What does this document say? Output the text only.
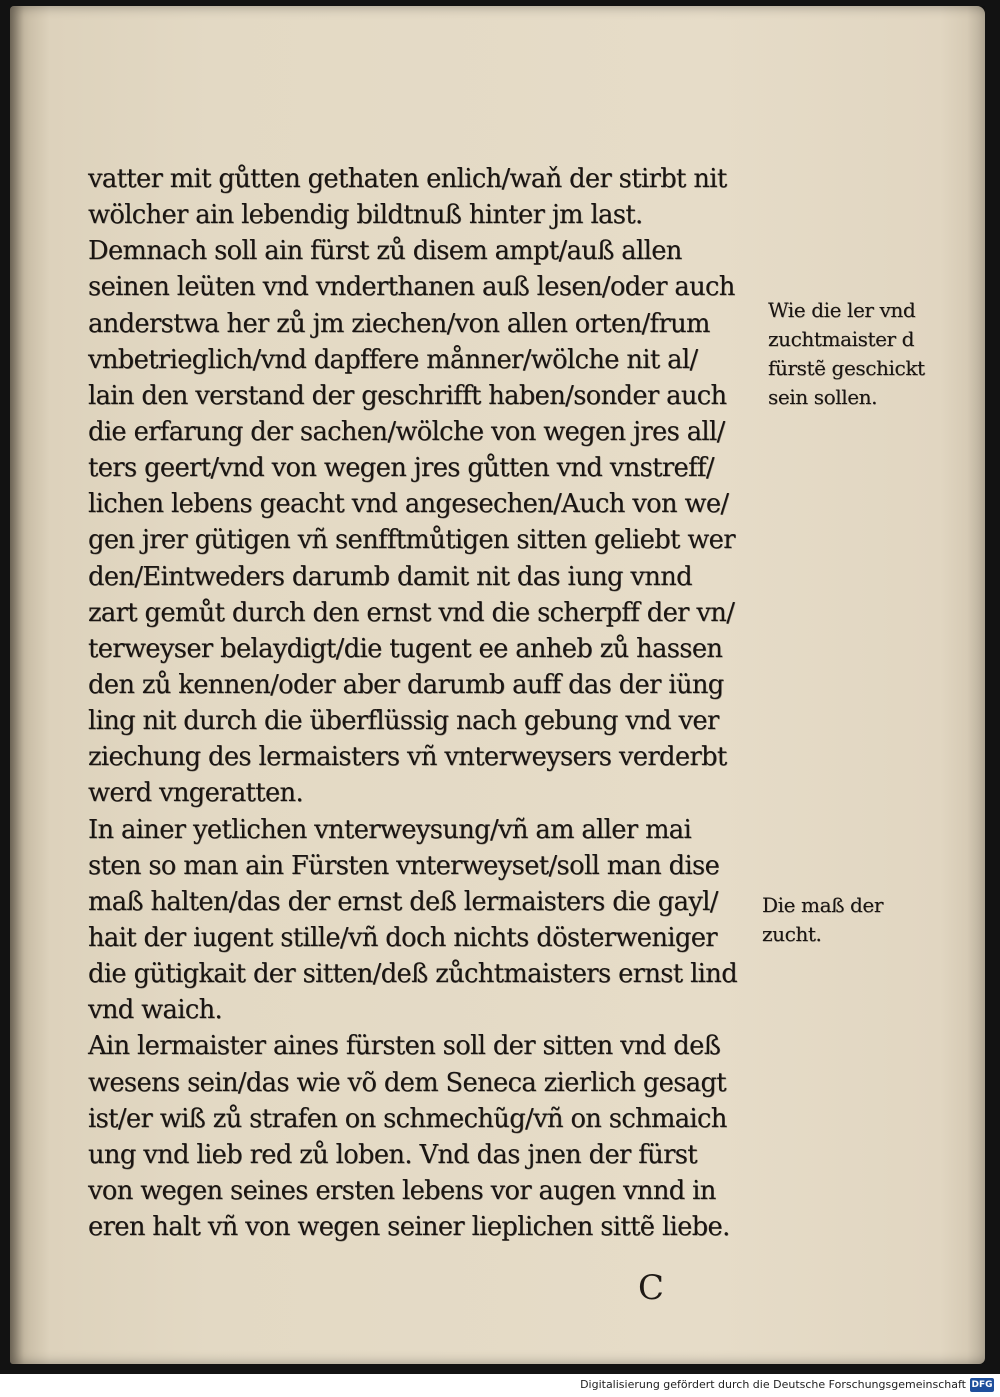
vatter mit gůtten gethaten enlich/waň der stirbt nit
wölcher ain lebendig bildtnuß hinter jm last.
Demnach soll ain fürst zů disem ampt/auß allen
seinen leüten vnd vnderthanen auß lesen/oder auch
anderstwa her zů jm ziechen/von allen orten/frum
vnbetrieglich/vnd dapffere månner/wölche nit al/
lain den verstand der geschrifft haben/sonder auch
die erfarung der sachen/wölche von wegen jres all/
ters geert/vnd von wegen jres gůtten vnd vnstreff/
lichen lebens geacht vnd angesechen/Auch von we/
gen jrer gütigen vñ senfftmůtigen sitten geliebt wer
den/Eintweders darumb damit nit das iung vnnd
zart gemůt durch den ernst vnd die scherpff der vn/
terweyser belaydigt/die tugent ee anheb zů hassen
den zů kennen/oder aber darumb auff das der iüng
ling nit durch die überflüssig nach gebung vnd ver
ziechung des lermaisters vñ vnterweysers verderbt
werd vngeratten.
In ainer yetlichen vnterweysung/vñ am aller mai
sten so man ain Fürsten vnterweyset/soll man dise
maß halten/das der ernst deß lermaisters die gayl/
hait der iugent stille/vñ doch nichts dösterweniger
die gütigkait der sitten/deß zůchtmaisters ernst lind
vnd waich.
Ain lermaister aines fürsten soll der sitten vnd deß
wesens sein/das wie võ dem Seneca zierlich gesagt
ist/er wiß zů strafen on schmechũg/vñ on schmaich
ung vnd lieb red zů loben. Vnd das jnen der fürst
von wegen seines ersten lebens vor augen vnnd in
eren halt vñ von wegen seiner lieplichen sittẽ liebe.
Wie die ler vnd
zuchtmaister d
fürstẽ geschickt
sein sollen.
Die maß der
zucht.
C
Digitalisierung gefördert durch die Deutsche Forschungsgemeinschaft DFG
